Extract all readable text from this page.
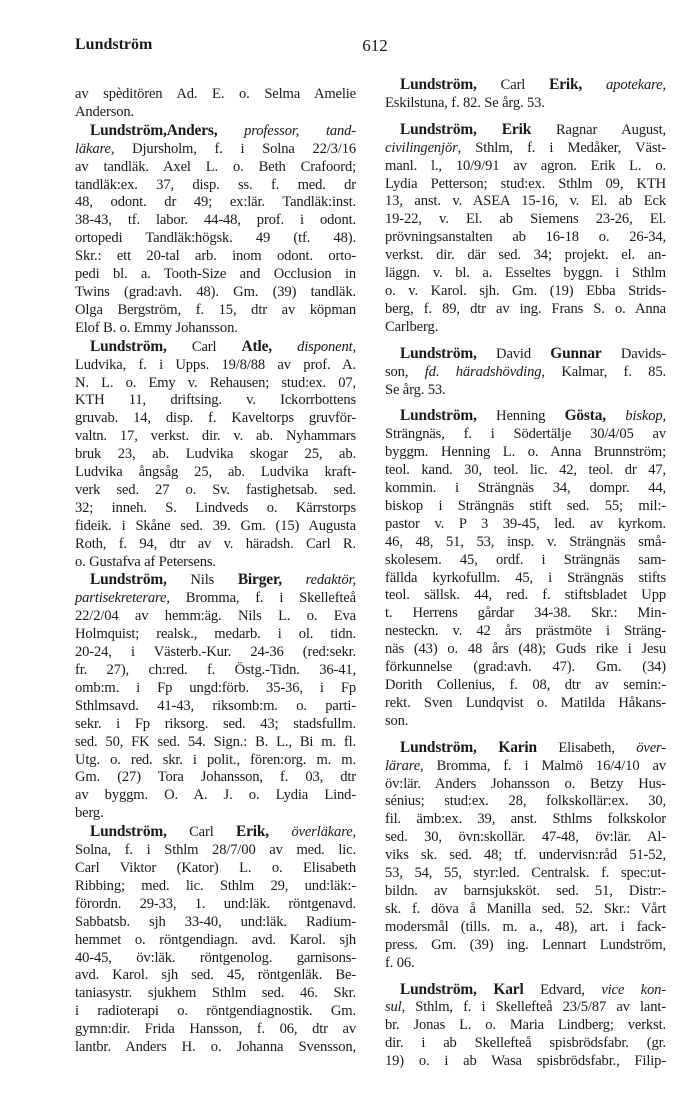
Lundström	612
av spèditören Ad. E. o. Selma Amelie
Anderson.
Lundström,Anders, professor, tand-
läkare, Djursholm, f. i Solna 22/3/16
av tandläk. Axel L. o. Beth Crafoord;
tandläk:ex. 37, disp. ss. f. med. dr
48, odont. dr 49; ex:lär. Tandläk:inst.
38-43, tf. labor. 44-48, prof. i odont.
ortopedi Tandläk:högsk. 49 (tf. 48).
Skr.: ett 20-tal arb. inom odont. orto-
pedi bl. a. Tooth-Size and Occlusion in
Twins (grad:avh. 48). Gm. (39) tandläk.
Olga Bergström, f. 15, dtr av köpman
Elof B. o. Emmy Johansson.
Lundström, Carl Atle, disponent,
Ludvika, f. i Upps. 19/8/88 av prof. A.
N. L. o. Emy v. Rehausen; stud:ex. 07,
KTH 11, driftsing. v. Ickorrbottens
gruvab. 14, disp. f. Kaveltorps gruvför-
valtn. 17, verkst. dir. v. ab. Nyhammars
bruk 23, ab. Ludvika skogar 25, ab.
Ludvika ångsåg 25, ab. Ludvika kraft-
verk sed. 27 o. Sv. fastighetsab. sed.
32; inneh. S. Lindveds o. Kärrstorps
fideik. i Skåne sed. 39. Gm. (15) Augusta
Roth, f. 94, dtr av v. häradsh. Carl R.
o. Gustafva af Petersens.
Lundström, Nils Birger, redaktör,
partisekreterare, Bromma, f. i Skellefteå
22/2/04 av hemm:äg. Nils L. o. Eva
Holmquist; realsk., medarb. i ol. tidn.
20-24, i Västerb.-Kur. 24-36 (red:sekr.
fr. 27), ch:red. f. Östg.-Tidn. 36-41,
omb:m. i Fp ungd:förb. 35-36, i Fp
Sthlmsavd. 41-43, riksomb:m. o. parti-
sekr. i Fp riksorg. sed. 43; stadsfullm.
sed. 50, FK sed. 54. Sign.: B. L., Bi m. fl.
Utg. o. red. skr. i polit., fören:org. m. m.
Gm. (27) Tora Johansson, f. 03, dtr
av byggm. O. A. J. o. Lydia Lind-
berg.
Lundström, Carl Erik, överläkare,
Solna, f. i Sthlm 28/7/00 av med. lic.
Carl Viktor (Kator) L. o. Elisabeth
Ribbing; med. lic. Sthlm 29, und:läk:-
förordn. 29-33, 1. und:läk. röntgenavd.
Sabbatsb. sjh 33-40, und:läk. Radium-
hemmet o. röntgendiagn. avd. Karol. sjh
40-45, öv:läk. röntgenolog. garnisons-
avd. Karol. sjh sed. 45, röntgenläk. Be-
taniasystr. sjukhem Sthlm sed. 46. Skr.
i radioterapi o. röntgendiagnostik. Gm.
gymn:dir. Frida Hansson, f. 06, dtr av
lantbr. Anders H. o. Johanna Svensson,
Lundström, Carl Erik, apotekare,
Eskilstuna, f. 82. Se årg. 53.
Lundström, Erik Ragnar August,
civilingenjör, Sthlm, f. i Medåker, Väst-
manl. l., 10/9/91 av agron. Erik L. o.
Lydia Petterson; stud:ex. Sthlm 09, KTH
13, anst. v. ASEA 15-16, v. El. ab Eck
19-22, v. El. ab Siemens 23-26, El.
prövningsanstalten ab 16-18 o. 26-34,
verkst. dir. där sed. 34; projekt. el. an-
läggn. v. bl. a. Esseltes byggn. i Sthlm
o. v. Karol. sjh. Gm. (19) Ebba Strids-
berg, f. 89, dtr av ing. Frans S. o. Anna
Carlberg.
Lundström, David Gunnar Davids-
son, fd. häradshövding, Kalmar, f. 85.
Se årg. 53.
Lundström, Henning Gösta, biskop,
Strängnäs, f. i Södertälje 30/4/05 av
byggm. Henning L. o. Anna Brunnström;
teol. kand. 30, teol. lic. 42, teol. dr 47,
kommin. i Strängnäs 34, dompr. 44,
biskop i Strängnäs stift sed. 55; mil:-
pastor v. P 3 39-45, led. av kyrkom.
46, 48, 51, 53, insp. v. Strängnäs små-
skolesem. 45, ordf. i Strängnäs sam-
fällda kyrkofullm. 45, i Strängnäs stifts
teol. sällsk. 44, red. f. stiftsbladet Upp
t. Herrens gårdar 34-38. Skr.: Min-
nesteckn. v. 42 års prästmöte i Sträng-
näs (43) o. 48 års (48); Guds rike i Jesu
förkunnelse (grad:avh. 47). Gm. (34)
Dorith Collenius, f. 08, dtr av semin:-
rekt. Sven Lundqvist o. Matilda Håkans-
son.
Lundström, Karin Elisabeth, över-
lärare, Bromma, f. i Malmö 16/4/10 av
öv:lär. Anders Johansson o. Betzy Hus-
sénius; stud:ex. 28, folkskollär:ex. 30,
fil. ämb:ex. 39, anst. Sthlms folkskolor
sed. 30, övn:skollär. 47-48, öv:lär. Al-
viks sk. sed. 48; tf. undervisn:råd 51-52,
53, 54, 55, styr:led. Centralsk. f. spec:ut-
bildn. av barnsjuksköt. sed. 51, Distr:-
sk. f. döva å Manilla sed. 52. Skr.: Vårt
modersmål (tills. m. a., 48), art. i fack-
press. Gm. (39) ing. Lennart Lundström,
f. 06.
Lundström, Karl Edvard, vice kon-
sul, Sthlm, f. i Skellefteå 23/5/87 av lant-
br. Jonas L. o. Maria Lindberg; verkst.
dir. i ab Skellefteå spisbrödsfabr. (gr.
19) o. i ab Wasa spisbrödsfabr., Filip-
